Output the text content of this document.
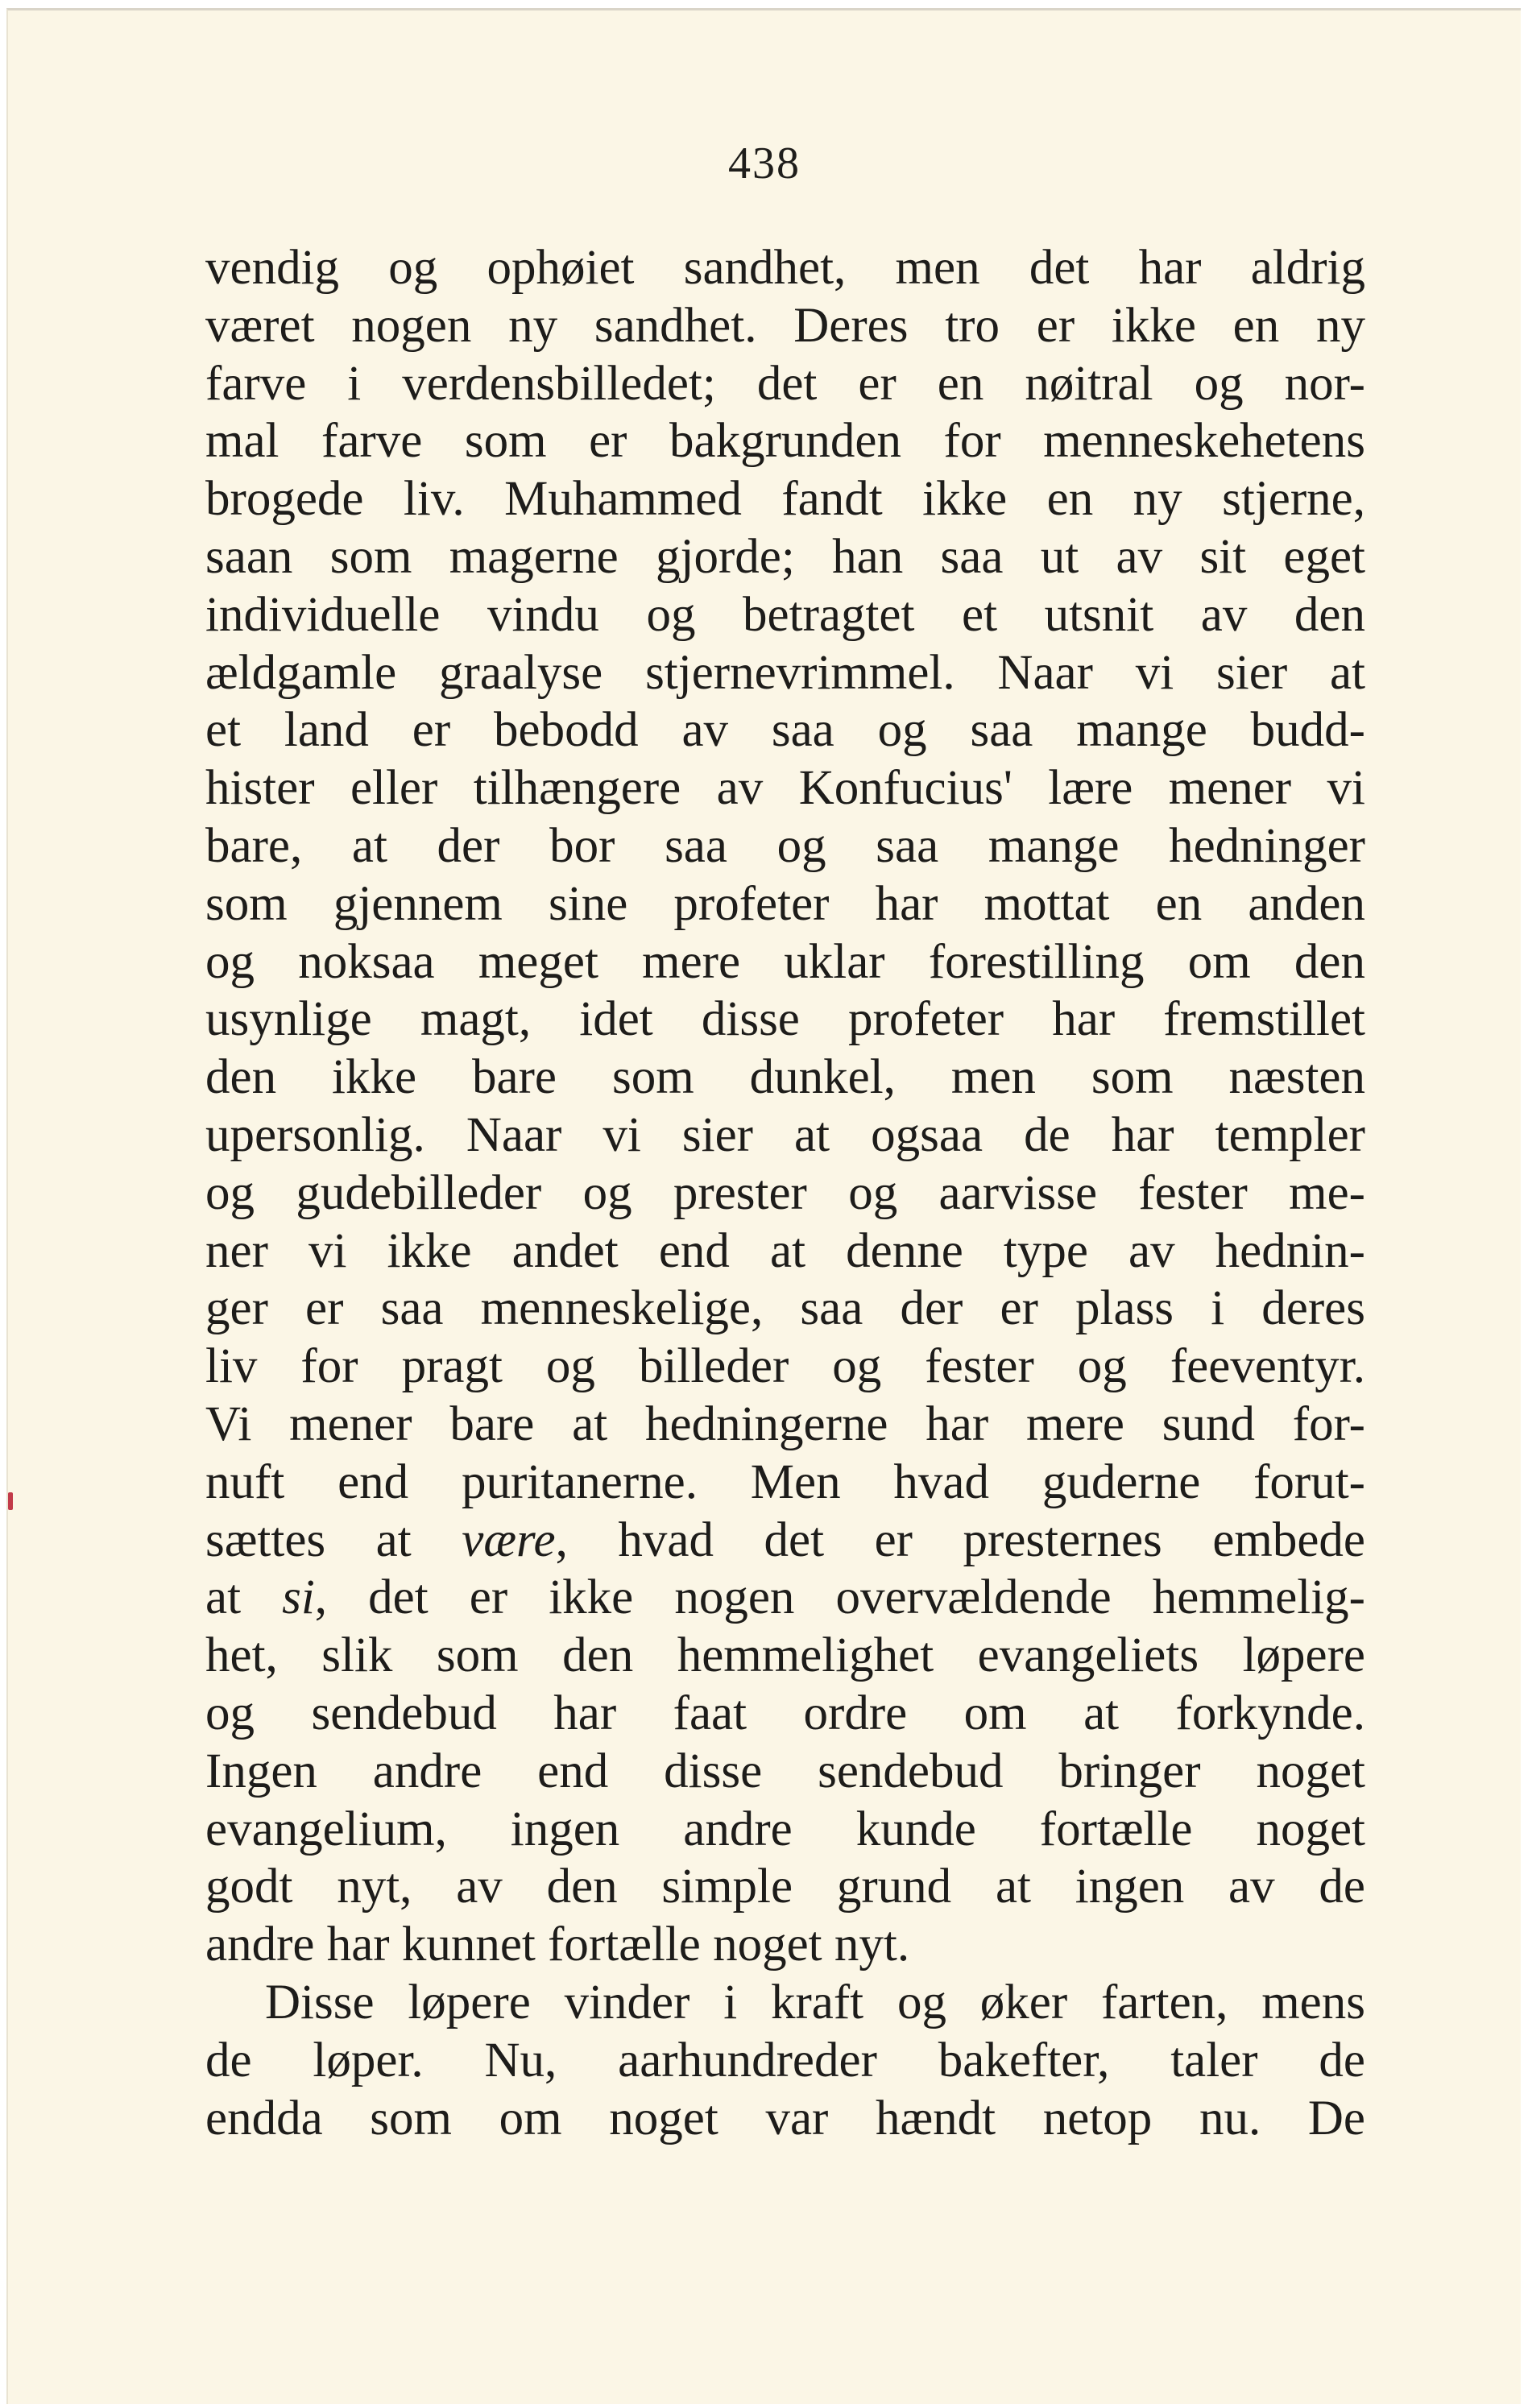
438
vendig og ophøiet sandhet, men det har aldrig
været nogen ny sandhet. Deres tro er ikke en ny
farve i verdensbilledet; det er en nøitral og nor-
mal farve som er bakgrunden for menneskehetens
brogede liv. Muhammed fandt ikke en ny stjerne,
saan som magerne gjorde; han saa ut av sit eget
individuelle vindu og betragtet et utsnit av den
ældgamle graalyse stjernevrimmel. Naar vi sier at
et land er bebodd av saa og saa mange budd-
hister eller tilhængere av Konfucius' lære mener vi
bare, at der bor saa og saa mange hedninger
som gjennem sine profeter har mottat en anden
og noksaa meget mere uklar forestilling om den
usynlige magt, idet disse profeter har fremstillet
den ikke bare som dunkel, men som næsten
upersonlig. Naar vi sier at ogsaa de har templer
og gudebilleder og prester og aarvisse fester me-
ner vi ikke andet end at denne type av hednin-
ger er saa menneskelige, saa der er plass i deres
liv for pragt og billeder og fester og feeventyr.
Vi mener bare at hedningerne har mere sund for-
nuft end puritanerne. Men hvad guderne forut-
sættes at være, hvad det er presternes embede
at si, det er ikke nogen overvældende hemmelig-
het, slik som den hemmelighet evangeliets løpere
og sendebud har faat ordre om at forkynde.
Ingen andre end disse sendebud bringer noget
evangelium, ingen andre kunde fortælle noget
godt nyt, av den simple grund at ingen av de
andre har kunnet fortælle noget nyt.
Disse løpere vinder i kraft og øker farten, mens
de løper. Nu, aarhundreder bakefter, taler de
endda som om noget var hændt netop nu. De
